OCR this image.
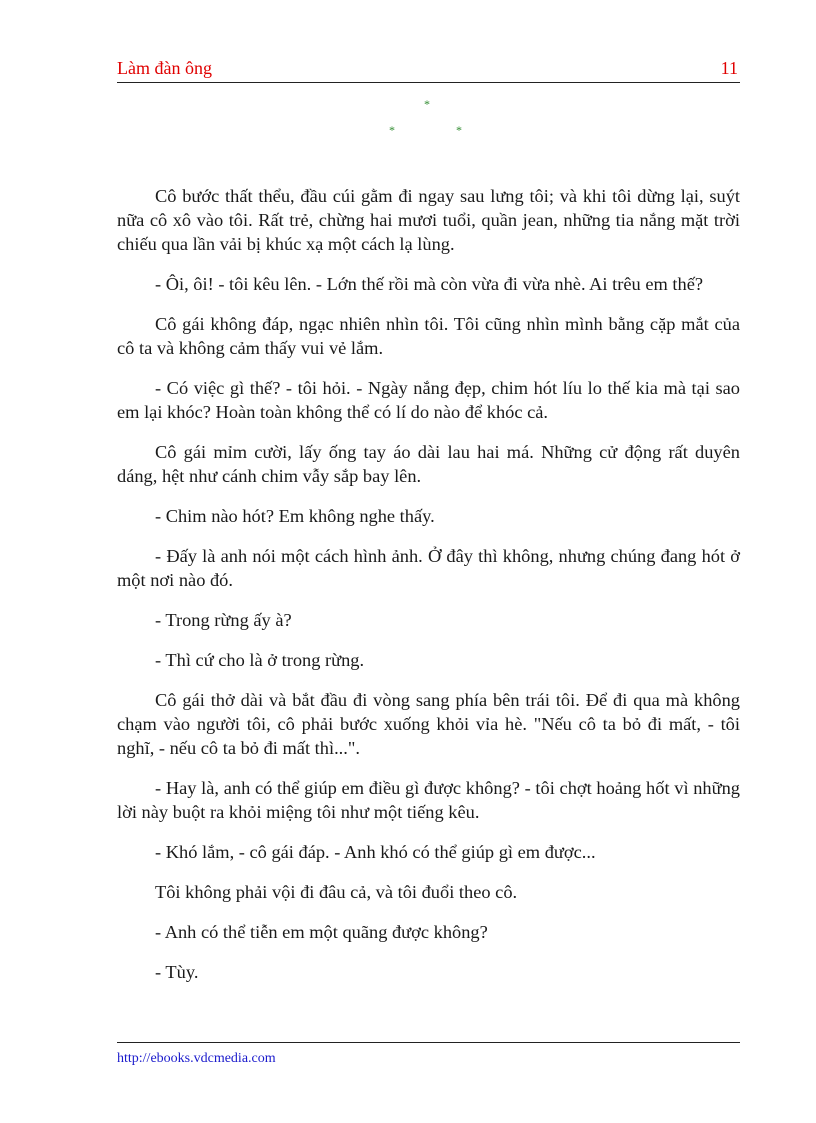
Làm đàn ông	11
*
*	*

Cô bước thất thểu, đầu cúi gằm đi ngay sau lưng tôi; và khi tôi dừng lại, suýt nữa cô xô vào tôi. Rất trẻ, chừng hai mươi tuổi, quần jean, những tia nắng mặt trời chiếu qua lần vải bị khúc xạ một cách lạ lùng.

- Ôi, ôi! - tôi kêu lên. - Lớn thế rồi mà còn vừa đi vừa nhè. Ai trêu em thế?

Cô gái không đáp, ngạc nhiên nhìn tôi. Tôi cũng nhìn mình bằng cặp mắt của cô ta và không cảm thấy vui vẻ lắm.

- Có việc gì thế? - tôi hỏi. - Ngày nắng đẹp, chim hót líu lo thế kia mà tại sao em lại khóc? Hoàn toàn không thể có lí do nào để khóc cả.

Cô gái mỉm cười, lấy ống tay áo dài lau hai má. Những cử động rất duyên dáng, hệt như cánh chim vẫy sắp bay lên.

- Chim nào hót? Em không nghe thấy.

- Đấy là anh nói một cách hình ảnh. Ở đây thì không, nhưng chúng đang hót ở một nơi nào đó.

- Trong rừng ấy à?

- Thì cứ cho là ở trong rừng.

Cô gái thở dài và bắt đầu đi vòng sang phía bên trái tôi. Để đi qua mà không chạm vào người tôi, cô phải bước xuống khỏi vỉa hè. "Nếu cô ta bỏ đi mất, - tôi nghĩ, - nếu cô ta bỏ đi mất thì...".

- Hay là, anh có thể giúp em điều gì được không? - tôi chợt hoảng hốt vì những lời này buột ra khỏi miệng tôi như một tiếng kêu.

- Khó lắm, - cô gái đáp. - Anh khó có thể giúp gì em được...

Tôi không phải vội đi đâu cả, và tôi đuổi theo cô.

- Anh có thể tiễn em một quãng được không?

- Tùy.

http://ebooks.vdcmedia.com
